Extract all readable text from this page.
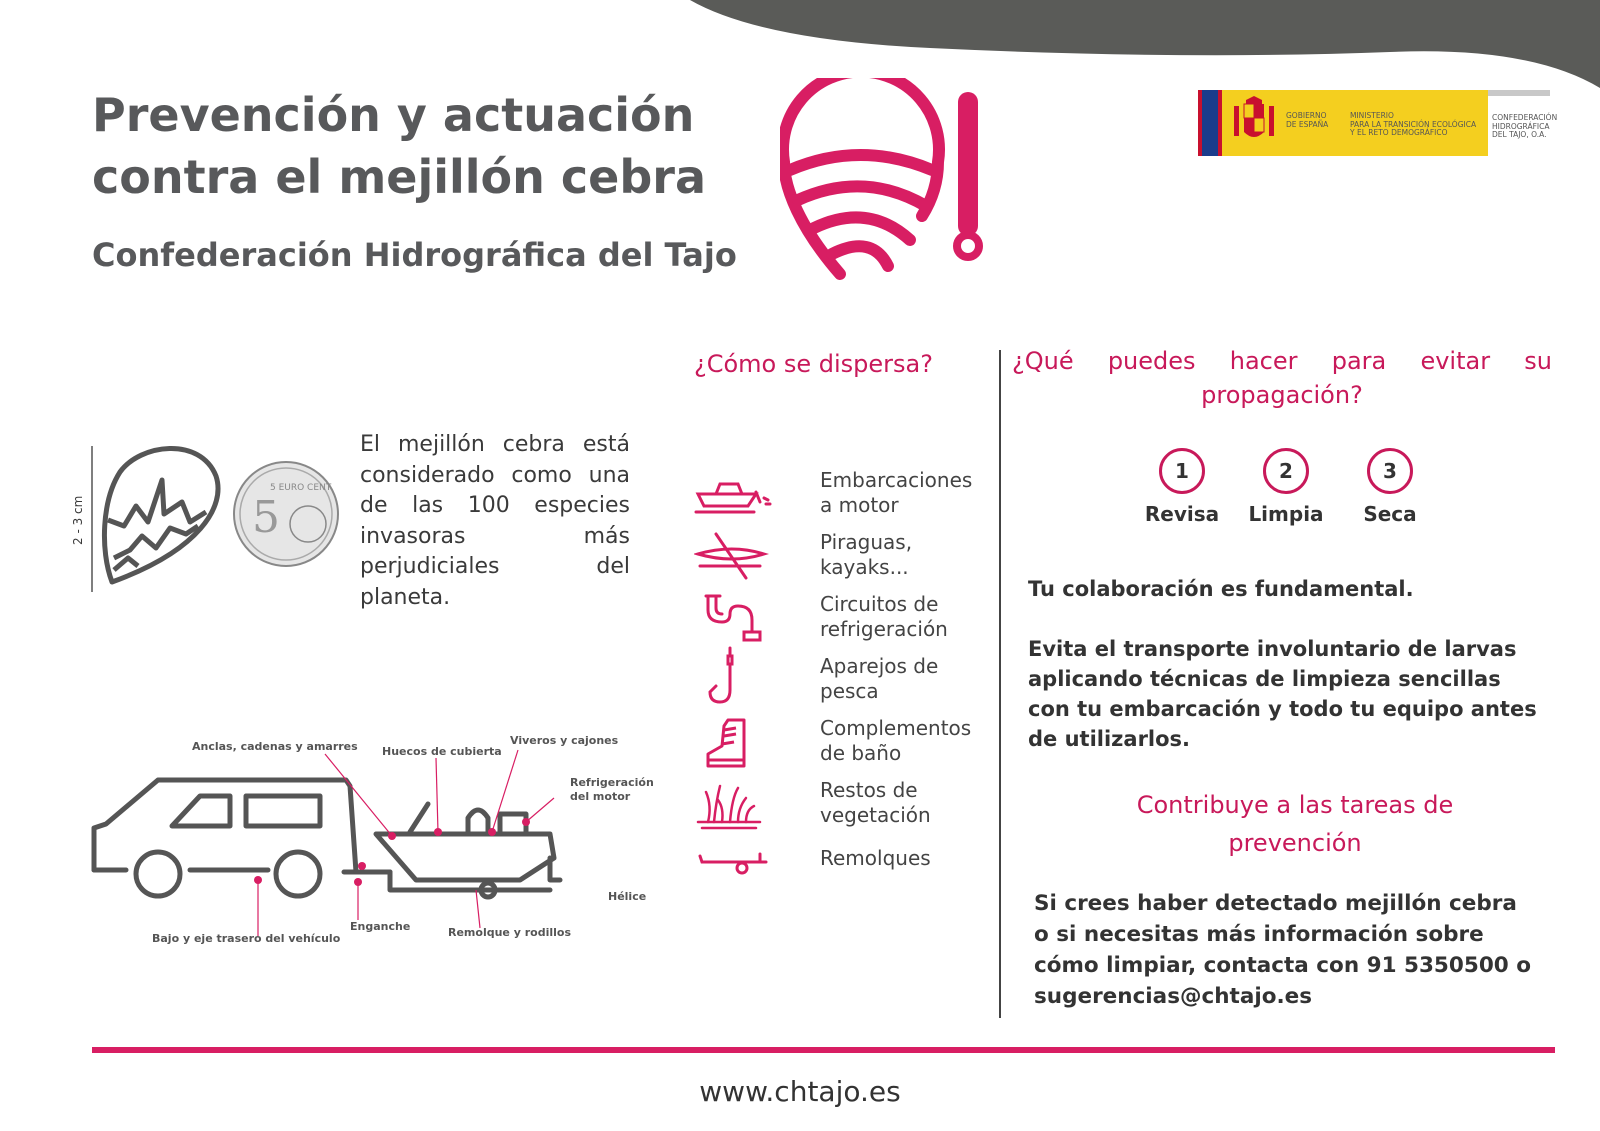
Prevención y actuación
contra el mejillón cebra
Confederación Hidrográfica del Tajo
GOBIERNO
DE ESPAÑA
MINISTERIO
PARA LA TRANSICIÓN ECOLÓGICA
Y EL RETO DEMOGRÁFICO
CONFEDERACIÓN
HIDROGRÁFICA
DEL TAJO, O.A.
2 - 3 cm	5
5 EURO CENT
El mejillón cebra está considerado como una de las 100 especies invasoras más perjudiciales del planeta.
Anclas, cadenas y amarres Huecos de cubierta
Viveros y cajones
Refrigeración
del motor
Hélice
Bajo y eje trasero del vehículo
Enganche	Remolque y rodillos
¿Cómo se dispersa?
Embarcaciones a motor
Piraguas, kayaks...
Circuitos de refrigeración
Aparejos de pesca
Complementos de baño
Restos de vegetación
Remolques
¿Qué puedes hacer para evitar su propagación?
1
Revisa
2
Limpia
3
Seca

Tu colaboración es fundamental.

Evita el transporte involuntario de larvas aplicando técnicas de limpieza sencillas con tu embarcación y todo tu equipo antes de utilizarlos.

Contribuye a las tareas de
prevención
Si crees haber detectado mejillón cebra o si necesitas más información sobre cómo limpiar, contacta con 91 5350500 o sugerencias@chtajo.es
www.chtajo.es
